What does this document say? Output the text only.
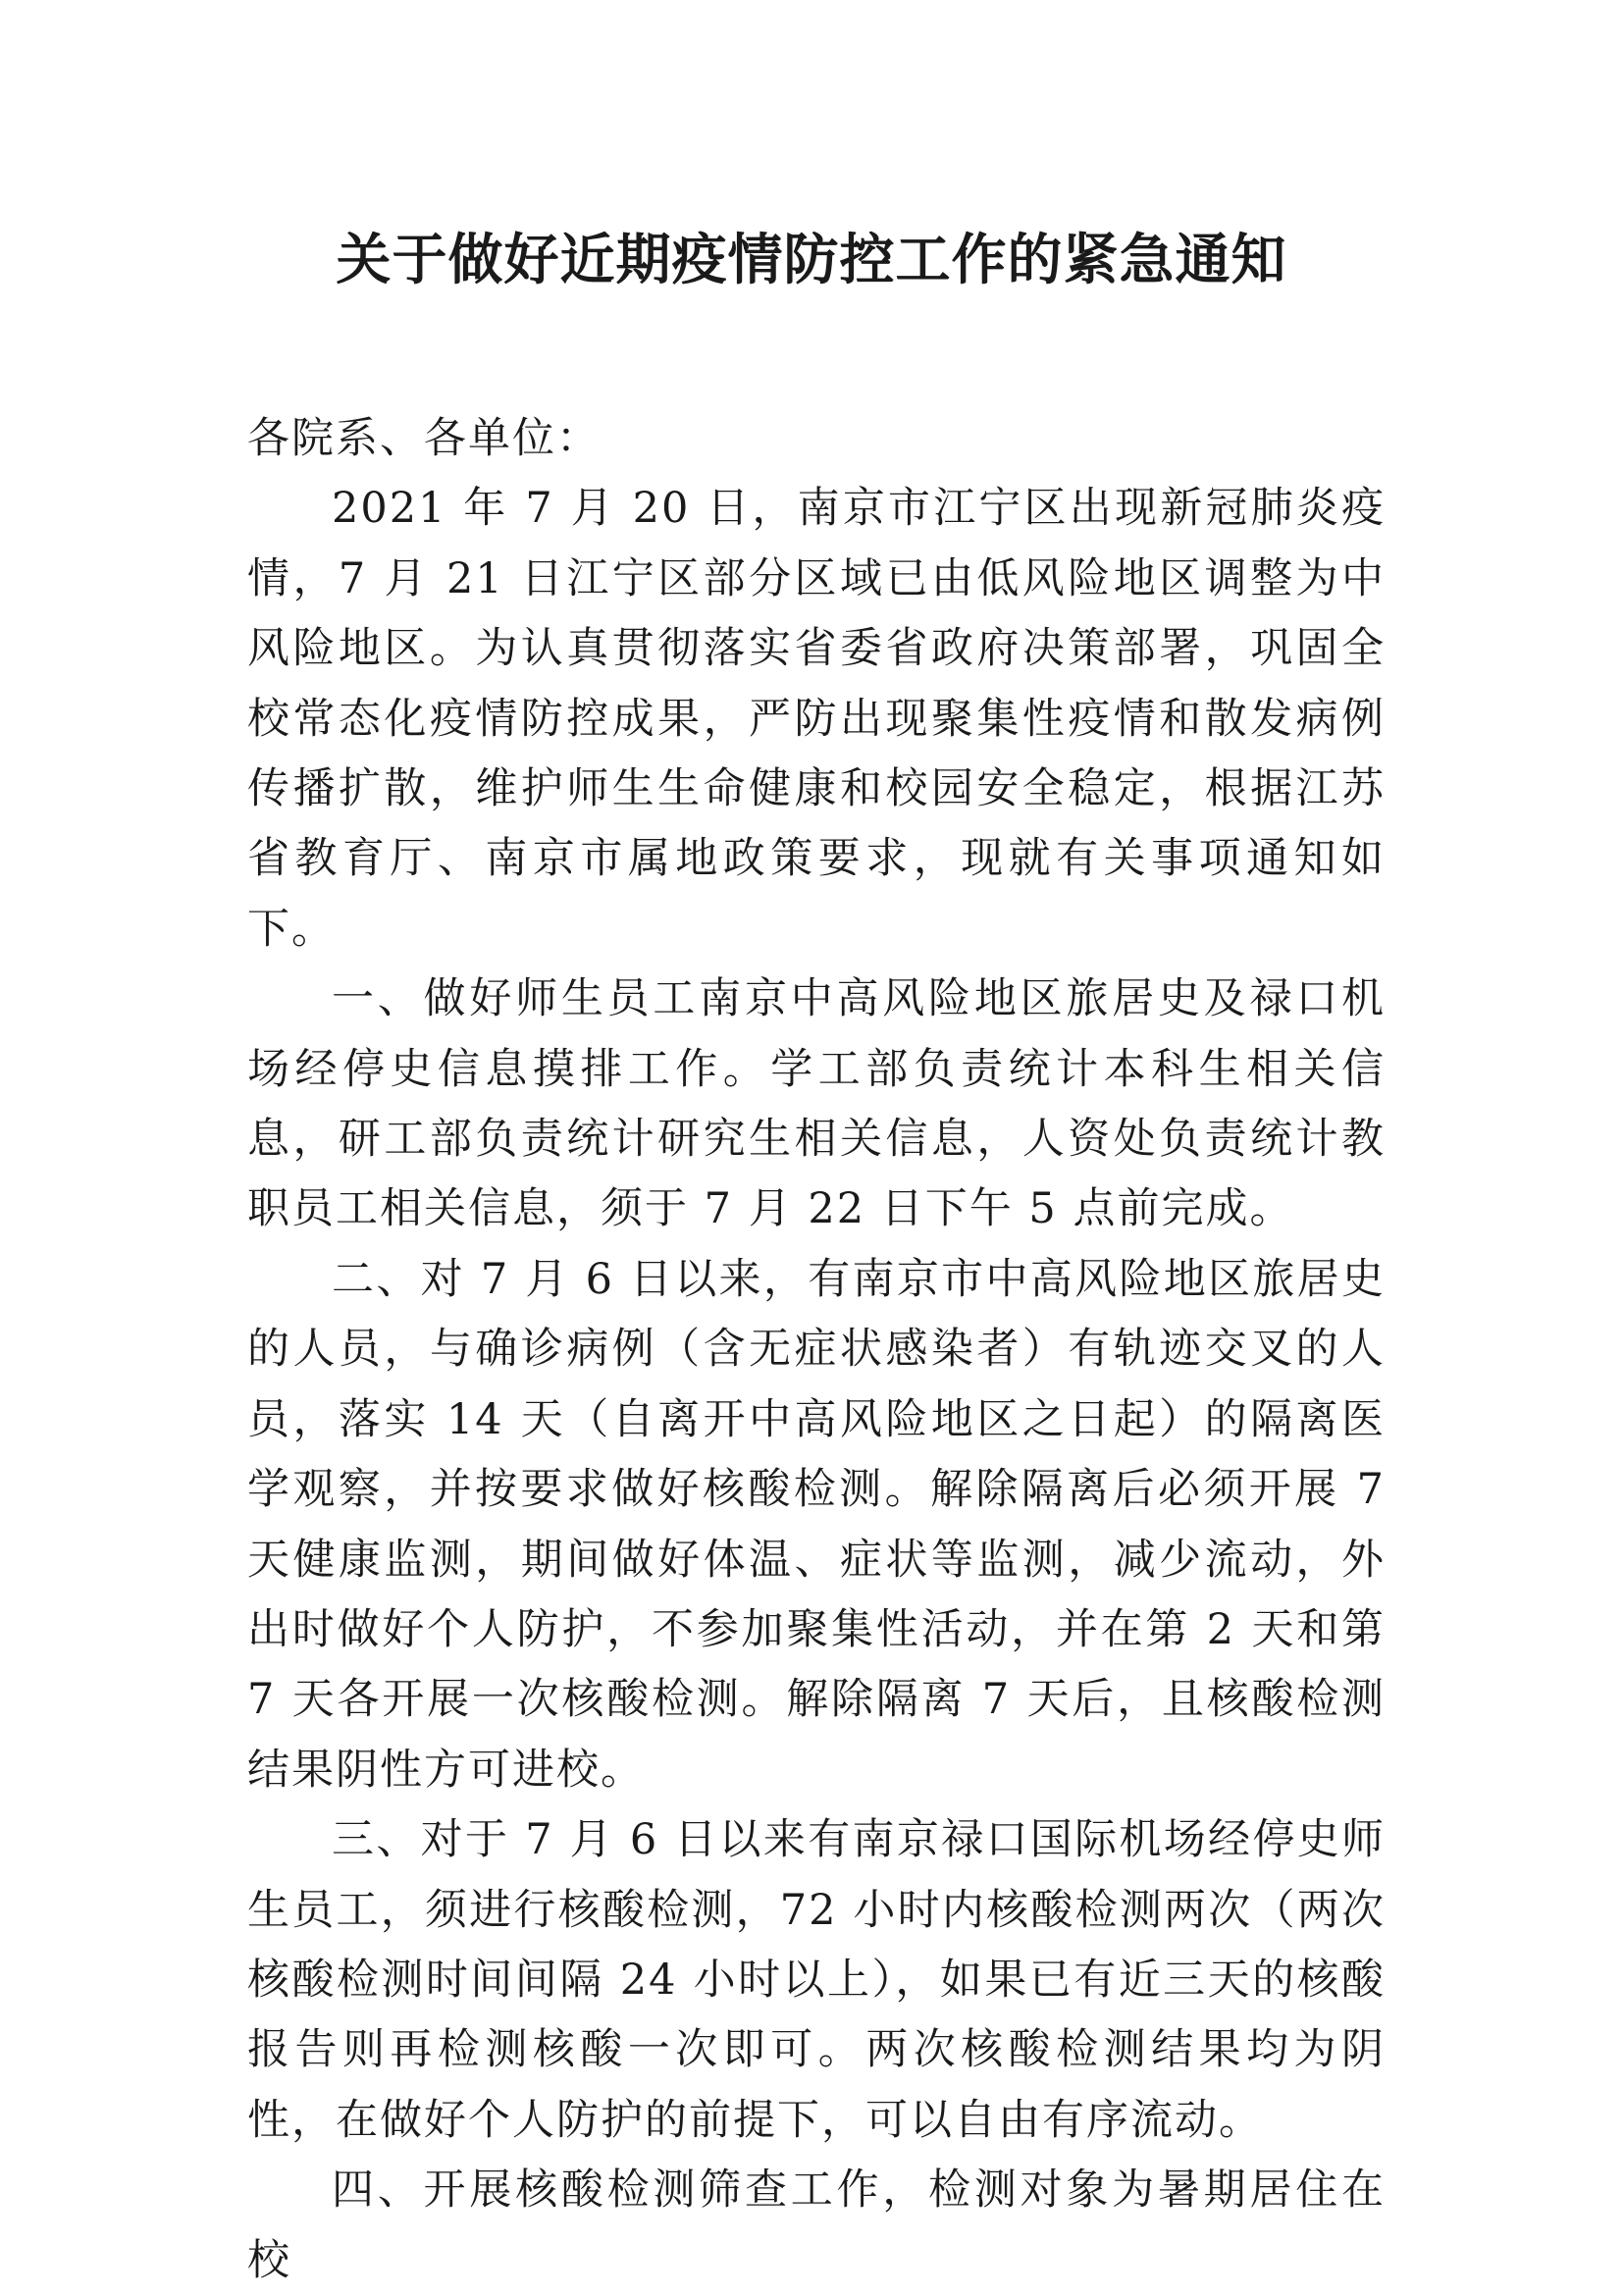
关于做好近期疫情防控工作的紧急通知

各院系、各单位：

2021 年 7 月 20 日，南京市江宁区出现新冠肺炎疫情，7 月 21 日江宁区部分区域已由低风险地区调整为中风险地区。为认真贯彻落实省委省政府决策部署，巩固全校常态化疫情防控成果，严防出现聚集性疫情和散发病例传播扩散，维护师生生命健康和校园安全稳定，根据江苏省教育厅、南京市属地政策要求，现就有关事项通知如下。

一、做好师生员工南京中高风险地区旅居史及禄口机场经停史信息摸排工作。学工部负责统计本科生相关信息，研工部负责统计研究生相关信息，人资处负责统计教职员工相关信息，须于 7 月 22 日下午 5 点前完成。

二、对 7 月 6 日以来，有南京市中高风险地区旅居史的人员，与确诊病例（含无症状感染者）有轨迹交叉的人员，落实 14 天（自离开中高风险地区之日起）的隔离医学观察，并按要求做好核酸检测。解除隔离后必须开展 7 天健康监测，期间做好体温、症状等监测，减少流动，外出时做好个人防护，不参加聚集性活动，并在第 2 天和第 7 天各开展一次核酸检测。解除隔离 7 天后，且核酸检测结果阴性方可进校。

三、对于 7 月 6 日以来有南京禄口国际机场经停史师生员工，须进行核酸检测，72 小时内核酸检测两次（两次核酸检测时间间隔 24 小时以上），如果已有近三天的核酸报告则再检测核酸一次即可。两次核酸检测结果均为阴性，在做好个人防护的前提下，可以自由有序流动。

四、开展核酸检测筛查工作，检测对象为暑期居住在校
